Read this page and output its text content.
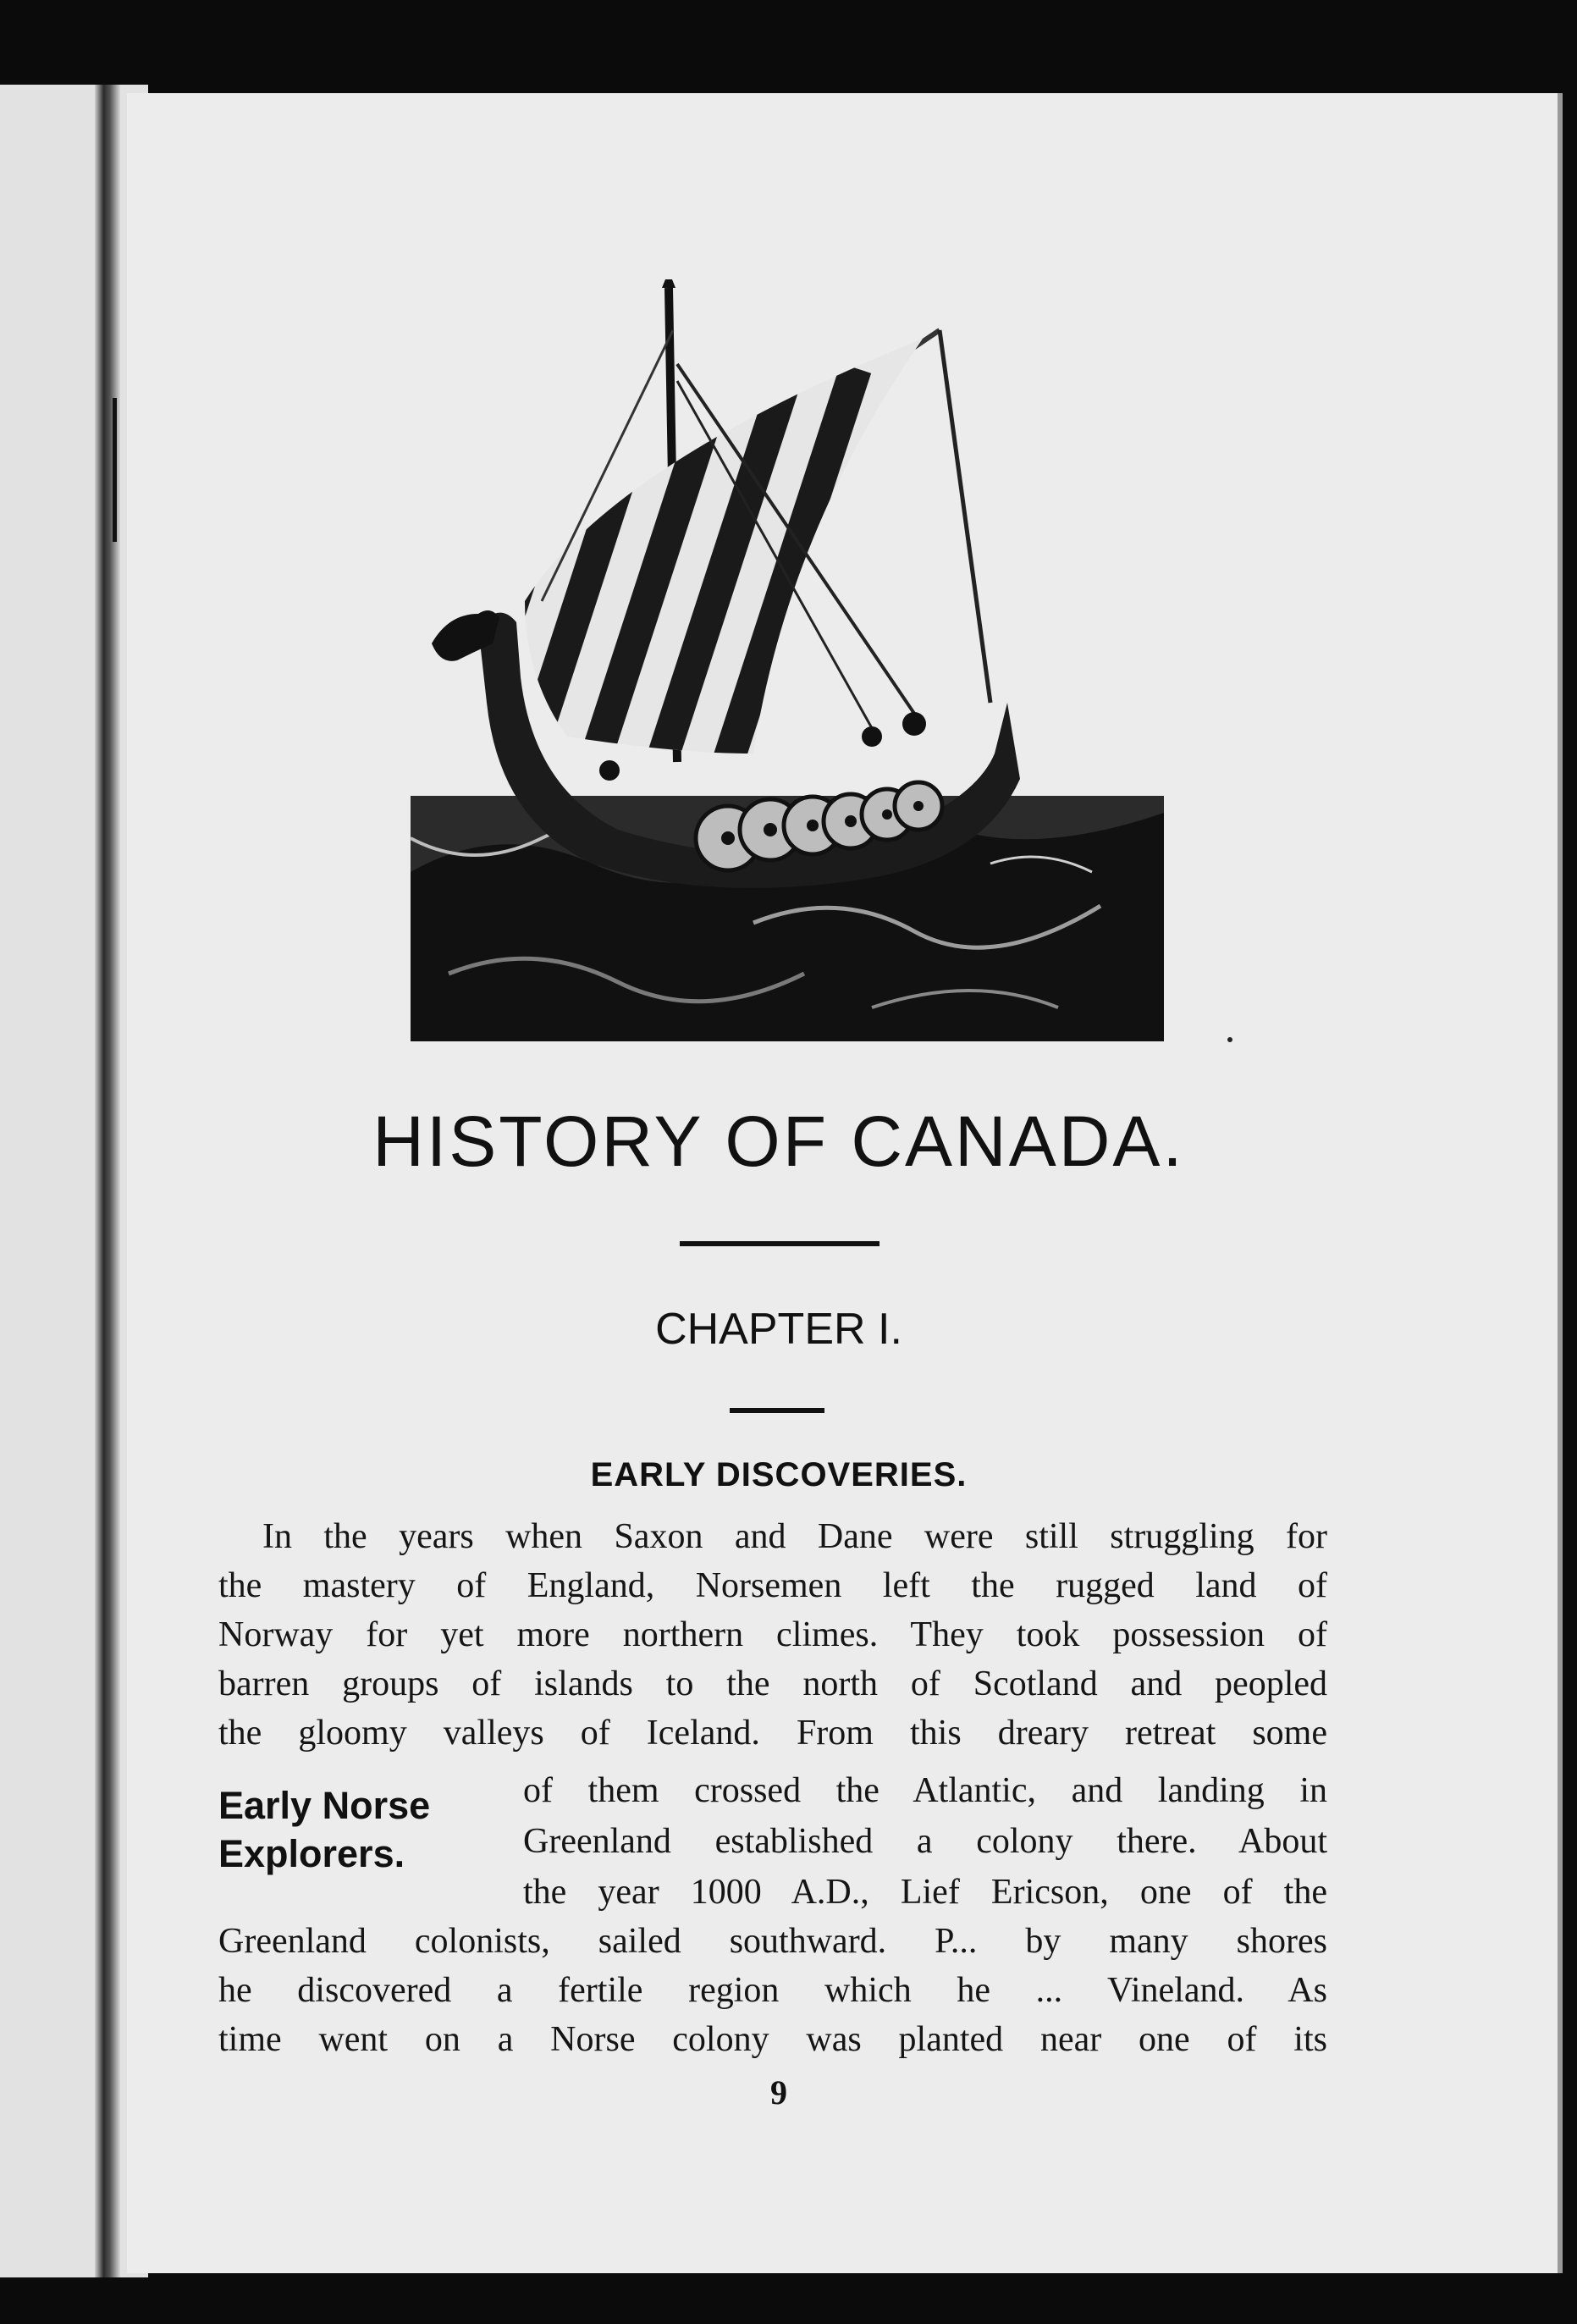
HISTORY OF CANADA.
CHAPTER I.
EARLY DISCOVERIES.
In the years when Saxon and Dane were still struggling for
the mastery of England, Norsemen left the rugged land of
Norway for yet more northern climes. They took possession of
barren groups of islands to the north of Scotland and peopled
the gloomy valleys of Iceland. From this dreary retreat some
of them crossed the Atlantic, and landing in
Greenland established a colony there. About
the year 1000 A.D., Lief Ericson, one of the
Greenland colonists, sailed southward. P... by many shores
he discovered a fertile region which he ... Vineland. As
time went on a Norse colony was planted near one of its
Early Norse
Explorers.
9
